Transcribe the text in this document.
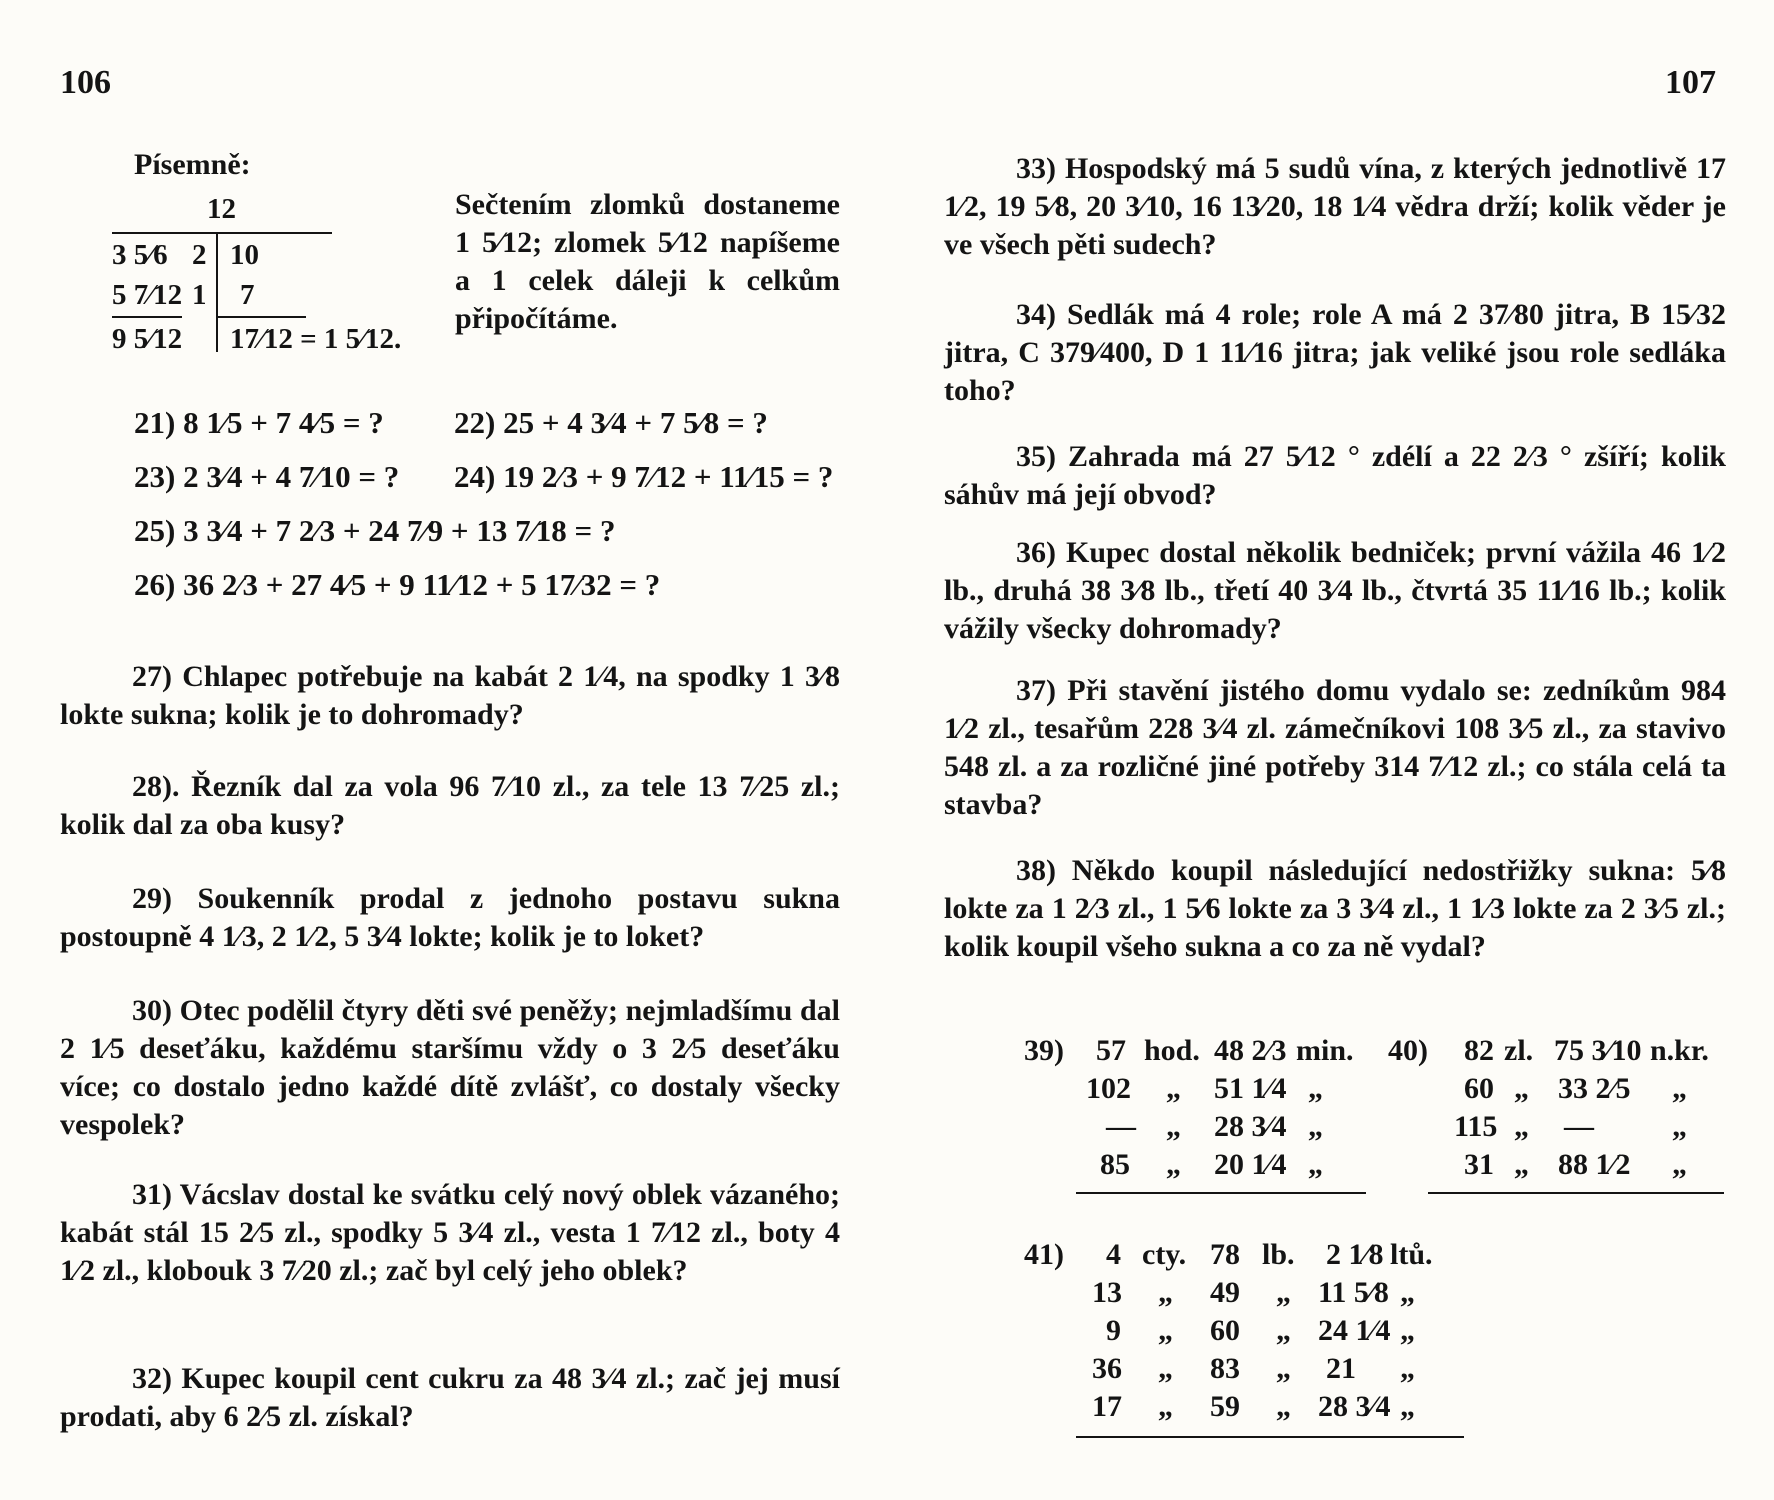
106
Písemně:
12
3 5⁄6 2 10
5 7⁄12 1 7
9 5⁄12 17⁄12 = 1 5⁄12.
Sečtením zlomků dostaneme 1 5⁄12; zlomek 5⁄12 napíšeme a 1 celek dáleji k celkům připočítáme.
21) 8 1⁄5 + 7 4⁄5 = ? 22) 25 + 4 3⁄4 + 7 5⁄8 = ?
23) 2 3⁄4 + 4 7⁄10 = ? 24) 19 2⁄3 + 9 7⁄12 + 11⁄15 = ?
25) 3 3⁄4 + 7 2⁄3 + 24 7⁄9 + 13 7⁄18 = ?
26) 36 2⁄3 + 27 4⁄5 + 9 11⁄12 + 5 17⁄32 = ?
27) Chlapec potřebuje na kabát 2 1⁄4, na spodky 1 3⁄8 lokte sukna; kolik je to dohromady?
28). Řezník dal za vola 96 7⁄10 zl., za tele 13 7⁄25 zl.; kolik dal za oba kusy?
29) Soukenník prodal z jednoho postavu sukna postoupně 4 1⁄3, 2 1⁄2, 5 3⁄4 lokte; kolik je to loket?
30) Otec podělil čtyry děti své peněžy; nejmladšímu dal 2 1⁄5 deseťáku, každému staršímu vždy o 3 2⁄5 deseťáku více; co dostalo jedno každé dítě zvlášť, co dostaly všecky vespolek?
31) Vácslav dostal ke svátku celý nový oblek vázaného; kabát stál 15 2⁄5 zl., spodky 5 3⁄4 zl., vesta 1 7⁄12 zl., boty 4 1⁄2 zl., klobouk 3 7⁄20 zl.; zač byl celý jeho oblek?
32) Kupec koupil cent cukru za 48 3⁄4 zl.; zač jej musí prodati, aby 6 2⁄5 zl. získal?
107
33) Hospodský má 5 sudů vína, z kterých jednotlivě 17 1⁄2, 19 5⁄8, 20 3⁄10, 16 13⁄20, 18 1⁄4 vědra drží; kolik věder je ve všech pěti sudech?
34) Sedlák má 4 role; role A má 2 37⁄80 jitra, B 15⁄32 jitra, C 379⁄400, D 1 11⁄16 jitra; jak veliké jsou role sedláka toho?
35) Zahrada má 27 5⁄12 ° zdélí a 22 2⁄3 ° zšíří; kolik sáhův má její obvod?
36) Kupec dostal několik bedniček; první vážila 46 1⁄2 lb., druhá 38 3⁄8 lb., třetí 40 3⁄4 lb., čtvrtá 35 11⁄16 lb.; kolik vážily všecky dohromady?
37) Při stavění jistého domu vydalo se: zedníkům 984 1⁄2 zl., tesařům 228 3⁄4 zl. zámečníkovi 108 3⁄5 zl., za stavivo 548 zl. a za rozličné jiné potřeby 314 7⁄12 zl.; co stála celá ta stavba?
38) Někdo koupil následující nedostřižky sukna: 5⁄8 lokte za 1 2⁄3 zl., 1 5⁄6 lokte za 3 3⁄4 zl., 1 1⁄3 lokte za 2 3⁄5 zl.; kolik koupil všeho sukna a co za ně vydal?
39) 57 hod. 48 2⁄3 min.
102 „ 51 1⁄4 „
— „ 28 3⁄4 „
85 „ 20 1⁄4 „
40) 82 zl. 75 3⁄10 n.kr.
60 „ 33 2⁄5 „
115 „ —	„
31 „ 88 1⁄2 „
41) 4 cty. 78 lb. 2 1⁄8 ltů.
13 „ 49 „ 11 5⁄8 „
9 „ 60 „ 24 1⁄4 „
36 „ 83 „ 21 „
17 „ 59 „ 28 3⁄4 „
